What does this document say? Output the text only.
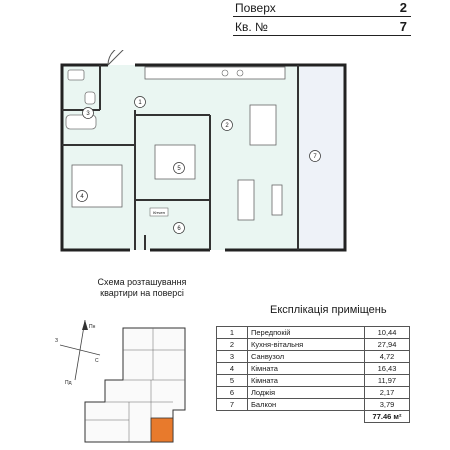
Поверх	2
Кв. №	7
Кітчен
1
2
3
4
5
6
7
Схема розташування квартири на поверсі
Пн
Пд
З
С
Експлікація приміщень
1	Передпокій	10,44
2	Кухня-вітальня	27,94
3	Санвузол	4,72
4	Кімната	16,43
5	Кімната	11,97
6	Лоджія	2,17
7	Балкон	3,79
		77.46 м²
